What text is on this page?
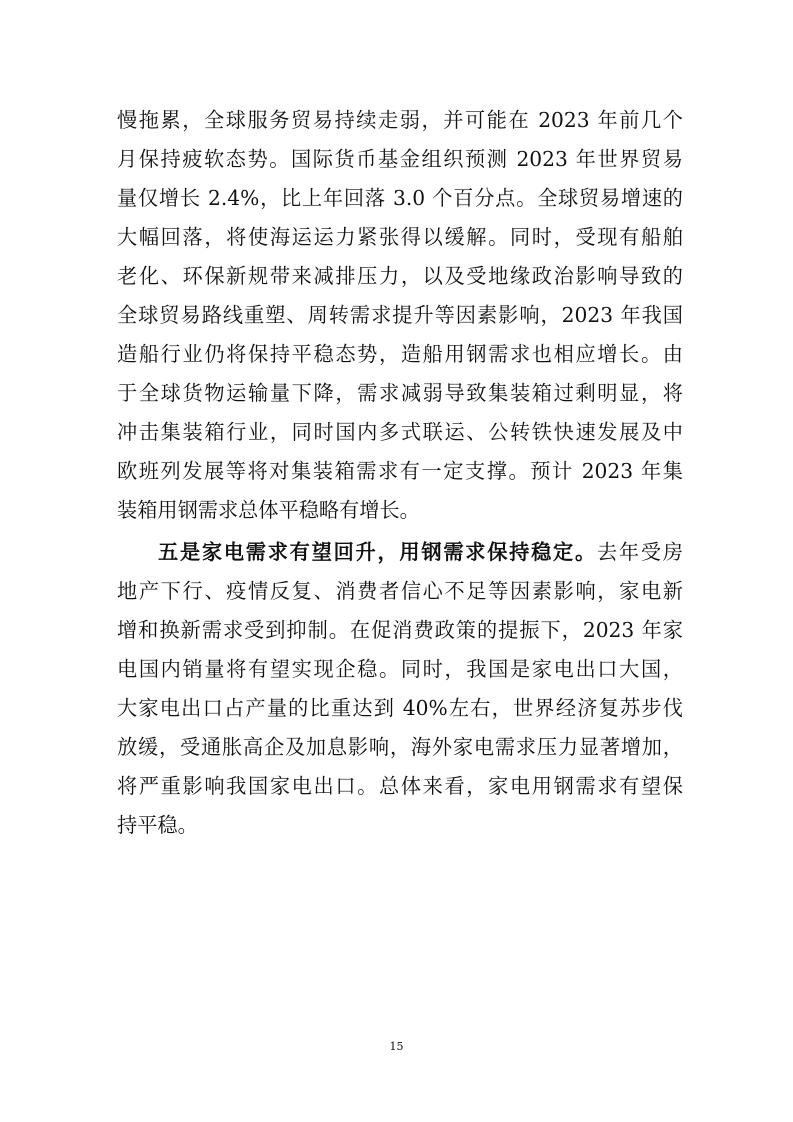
慢拖累，全球服务贸易持续走弱，并可能在 2023 年前几个
月保持疲软态势。国际货币基金组织预测 2023 年世界贸易
量仅增长 2.4%，比上年回落 3.0 个百分点。全球贸易增速的
大幅回落，将使海运运力紧张得以缓解。同时，受现有船舶
老化、环保新规带来减排压力，以及受地缘政治影响导致的
全球贸易路线重塑、周转需求提升等因素影响，2023 年我国
造船行业仍将保持平稳态势，造船用钢需求也相应增长。由
于全球货物运输量下降，需求减弱导致集装箱过剩明显，将
冲击集装箱行业，同时国内多式联运、公转铁快速发展及中
欧班列发展等将对集装箱需求有一定支撑。预计 2023 年集
装箱用钢需求总体平稳略有增长。
五是家电需求有望回升，用钢需求保持稳定。去年受房
地产下行、疫情反复、消费者信心不足等因素影响，家电新
增和换新需求受到抑制。在促消费政策的提振下，2023 年家
电国内销量将有望实现企稳。同时，我国是家电出口大国，
大家电出口占产量的比重达到 40%左右，世界经济复苏步伐
放缓，受通胀高企及加息影响，海外家电需求压力显著增加，
将严重影响我国家电出口。总体来看，家电用钢需求有望保
持平稳。
15
